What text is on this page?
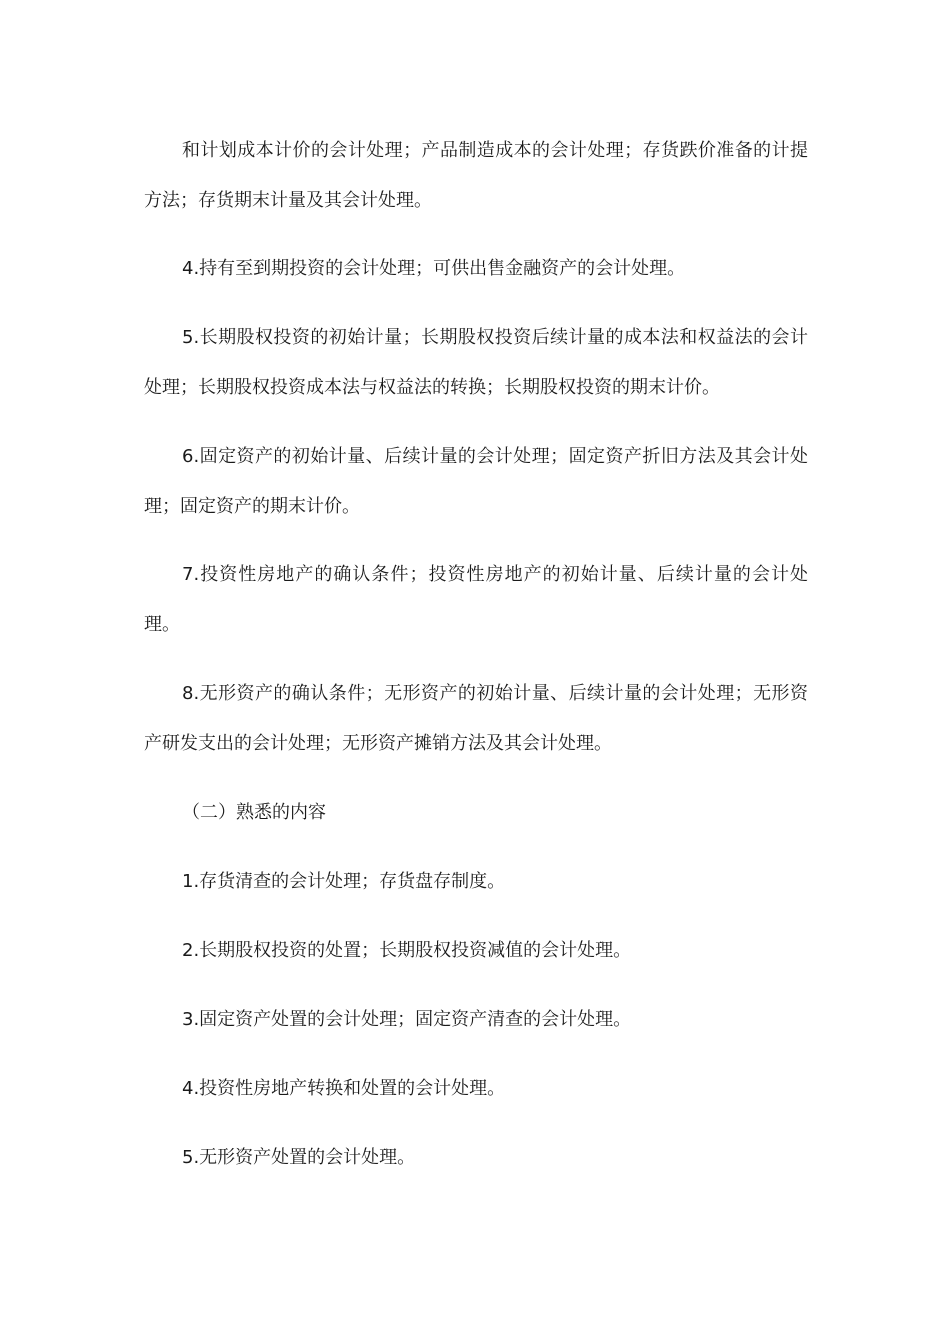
和计划成本计价的会计处理；产品制造成本的会计处理；存货跌价准备的计提方法；存货期末计量及其会计处理。

4.持有至到期投资的会计处理；可供出售金融资产的会计处理。

5.长期股权投资的初始计量；长期股权投资后续计量的成本法和权益法的会计处理；长期股权投资成本法与权益法的转换；长期股权投资的期末计价。

6.固定资产的初始计量、后续计量的会计处理；固定资产折旧方法及其会计处理；固定资产的期末计价。

7.投资性房地产的确认条件；投资性房地产的初始计量、后续计量的会计处理。

8.无形资产的确认条件；无形资产的初始计量、后续计量的会计处理；无形资产研发支出的会计处理；无形资产摊销方法及其会计处理。

（二）熟悉的内容

1.存货清查的会计处理；存货盘存制度。

2.长期股权投资的处置；长期股权投资减值的会计处理。

3.固定资产处置的会计处理；固定资产清查的会计处理。

4.投资性房地产转换和处置的会计处理。

5.无形资产处置的会计处理。
